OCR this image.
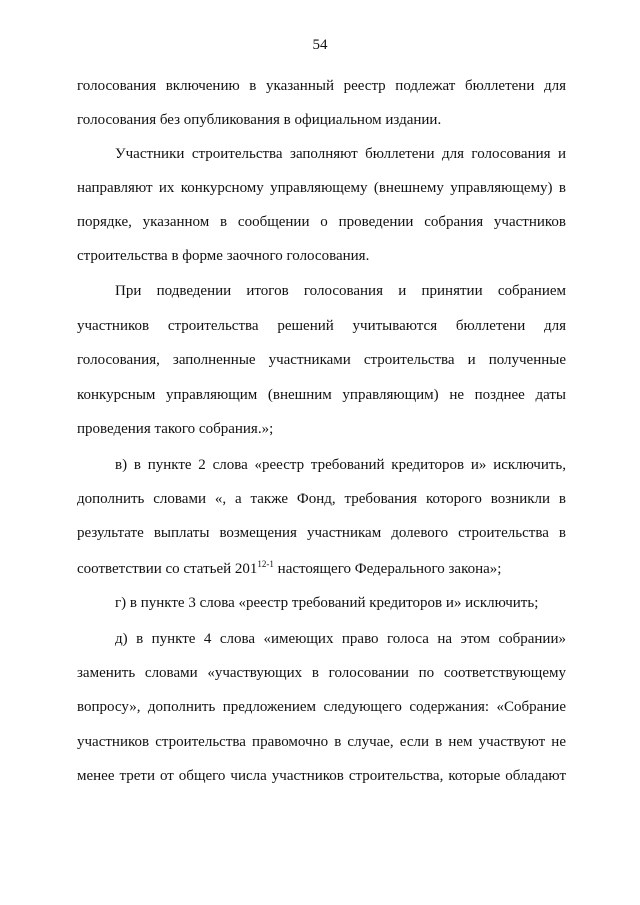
54
голосования включению в указанный реестр подлежат бюллетени для
голосования без опубликования в официальном издании.
Участники строительства заполняют бюллетени для голосования и
направляют их конкурсному управляющему (внешнему управляющему) в
порядке, указанном в сообщении о проведении собрания участников
строительства в форме заочного голосования.
При подведении итогов голосования и принятии собранием
участников строительства решений учитываются бюллетени для
голосования, заполненные участниками строительства и полученные
конкурсным управляющим (внешним управляющим) не позднее даты
проведения такого собрания.»;
в) в пункте 2 слова «реестр требований кредиторов и» исключить,
дополнить словами «, а также Фонд, требования которого возникли в
результате выплаты возмещения участникам долевого строительства в
соответствии со статьей 201$^{12-1}$ настоящего Федерального закона»;
г) в пункте 3 слова «реестр требований кредиторов и» исключить;
д) в пункте 4 слова «имеющих право голоса на этом собрании»
заменить словами «участвующих в голосовании по соответствующему
вопросу», дополнить предложением следующего содержания: «Собрание
участников строительства правомочно в случае, если в нем участвуют не
менее трети от общего числа участников строительства, которые обладают
